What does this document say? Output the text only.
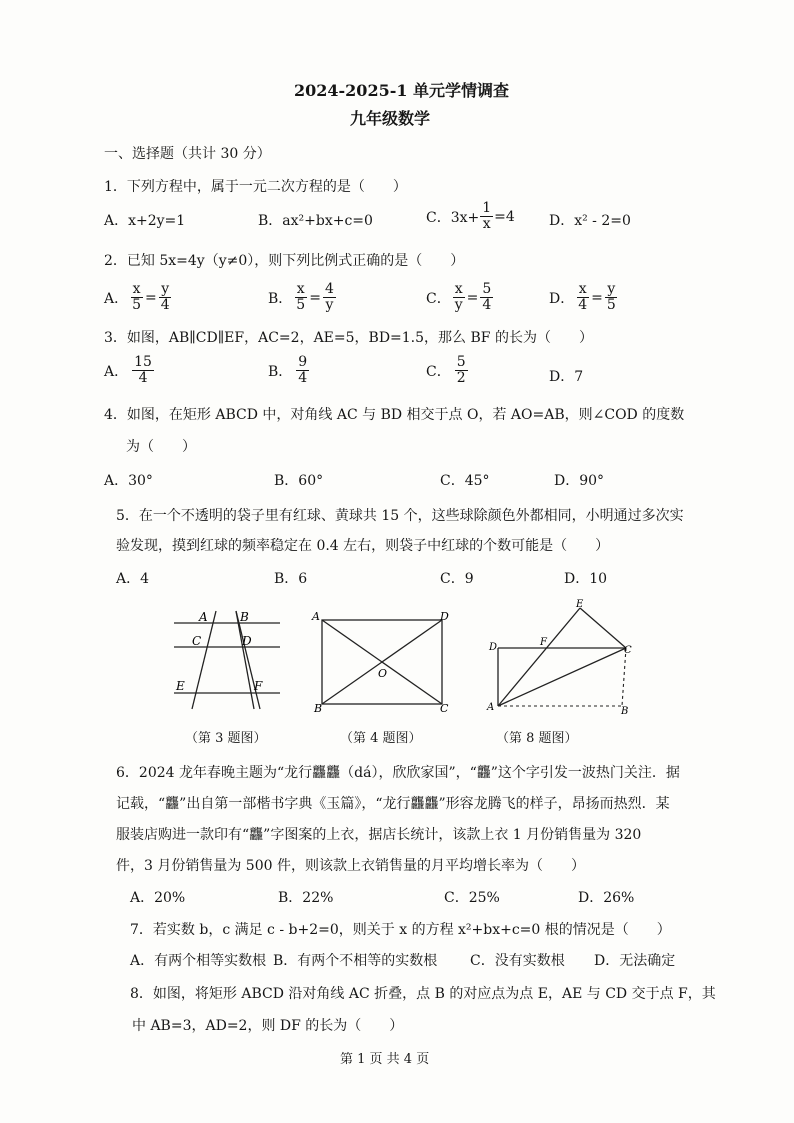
2024-2025-1 单元学情调查
九年级数学
一、选择题（共计 30 分）
1．下列方程中，属于一元二次方程的是（　　）
A．x+2y=1	B．ax²+bx+c=0	C．$3x+ \frac{1}{x} =4$ D．x² - 2=0
2．已知 5x=4y（y≠0），则下列比例式正确的是（　　）
A． $\frac{x}{5} = \frac{y}{4}$	B． $\frac{x}{5} = \frac{4}{y}$	C． $\frac{x}{y} = \frac{5}{4}$	D． $\frac{x}{4} = \frac{y}{5}$
3．如图，AB∥CD∥EF，AC=2，AE=5，BD=1.5，那么 BF 的长为（　　）
A． $\frac{15}{4}$	B． $\frac{9}{4}$	C． $\frac{5}{2}$	D．7
4．如图，在矩形 ABCD 中，对角线 AC 与 BD 相交于点 O，若 AO=AB，则∠COD 的度数
为（　　）
A．30°	B．60°	C．45°	D．90°
5．在一个不透明的袋子里有红球、黄球共 15 个，这些球除颜色外都相同，小明通过多次实
验发现，摸到红球的频率稳定在 0.4 左右，则袋子中红球的个数可能是（　　）
A．4	B．6	C．9	D．10
A	B
C	D
E	F
（第 3 题图）
A
B	C
D
O
（第 4 题图）
A	B
C
D
E
F
（第 8 题图）
6．2024 龙年春晚主题为“龙行龘龘（dá），欣欣家国”，“龘”这个字引发一波热门关注．据
记载，“龘”出自第一部楷书字典《玉篇》，“龙行龘龘”形容龙腾飞的样子，昂扬而热烈．某
服装店购进一款印有“龘”字图案的上衣，据店长统计，该款上衣 1 月份销售量为 320
件，3 月份销售量为 500 件，则该款上衣销售量的月平均增长率为（　　）
A．20%	B．22%	C．25%	D．26%
7．若实数 b，c 满足 c - b+2=0，则关于 x 的方程 x²+bx+c=0 根的情况是（　　）
A．有两个相等实数根 B．有两个不相等的实数根 C．没有实数根 D．无法确定
8．如图，将矩形 ABCD 沿对角线 AC 折叠，点 B 的对应点为点 E，AE 与 CD 交于点 F，其
中 AB=3，AD=2，则 DF 的长为（　　）
第 1 页 共 4 页
